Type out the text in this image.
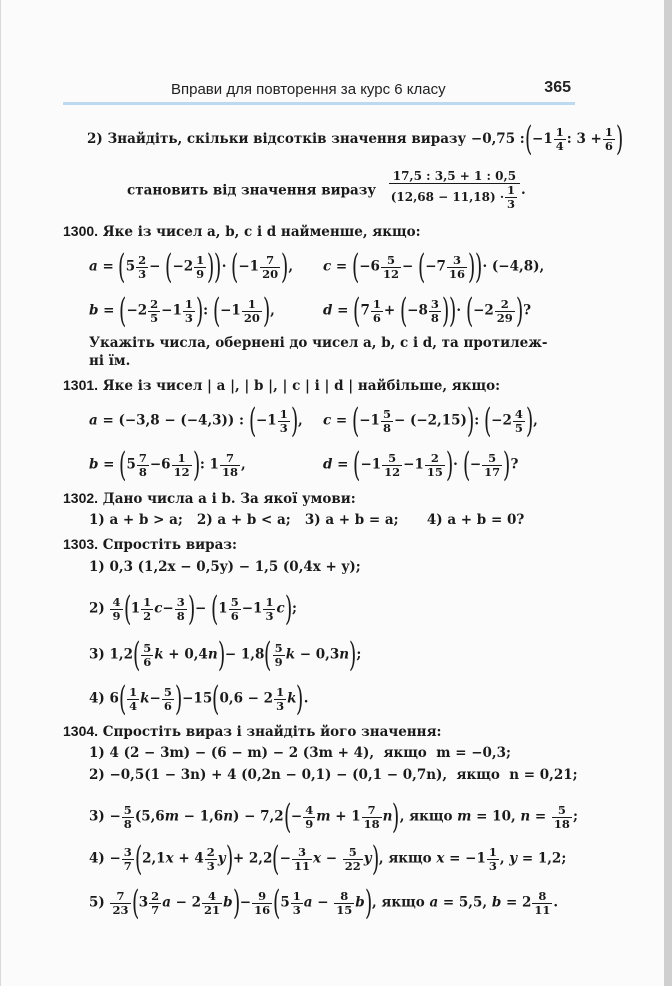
Вправи для повторення за курс 6 класу	365
2) Знайдіть, скільки відсотків значення виразу −0,75 :(−1 $\frac{1}{4}$ : $3 + \frac{1}{6}$ )
становить від значення виразу $\frac{17,5 : 3,5 + 1 : 0,5}{(12,68 - 11,18) \cdot \frac{1}{3}}$ .
1300. Яке із чисел a, b, c і d найменше, якщо:
$a = (5 \frac{2}{3} - (-2 \frac{1}{9}$ ))· ($-1 \frac{7}{20}$ ), $c = (-6 \frac{5}{12} - (-7 \frac{3}{16}$ ))· (−4,8),
$b = (-2 \frac{2}{5} -1 \frac{1}{3}$ ): ($-1 \frac{1}{20}$ ),	$d = (7 \frac{1}{6} + (-8 \frac{3}{8}$ ))· ($-2 \frac{2}{29}$ )?
Укажіть числа, обернені до чисел a, b, c і d, та протилеж-
ні їм.
1301. Яке із чисел | a |, | b |, | c | і | d | найбільше, якщо:
a = (−3,8 − (−4,3)) : ($-1 \frac{1}{3}$ ), $c = (-1 \frac{5}{8} - (-2,15))$: ($-2 \frac{4}{5}$ ),
$b = (5 \frac{7}{8} -6 \frac{1}{12}$ ): $1 \frac{7}{18}$ ,	$d = (-1 \frac{5}{12} -1 \frac{2}{15}$ )· (− $\frac{5}{17}$ )?
1302. Дано числа a і b. За якої умови:
1) a + b > a;   2) a + b < a;   3) a + b = a;      4) a + b = 0?
1303. Спростіть вираз:
1) 0,3 (1,2x − 0,5y) − 1,5 (0,4x + y);
$2) \frac{4}{9} (1 \frac{1}{2} c- \frac{3}{8}$ )− $(1 \frac{5}{6} -1 \frac{1}{3} c)$;
3) $1,2( \frac{5}{6}$ $k + 0,4n)- 1,8( \frac{5}{9}$ k − 0,3n);
4) $6( \frac{1}{4} k- \frac{5}{6} )-15(0,6 - 2 \frac{1}{3} k)$.
1304. Спростіть вираз і знайдіть його значення:
1) 4 (2 − 3m) − (6 − m) − 2 (3m + 4),  якщо  m = −0,3;
2) −0,5(1 − 3n) + 4 (0,2n − 0,1) − (0,1 − 0,7n),  якщо  n = 0,21;
$3) - \frac{5}{8} (5,6m - 1,6n) - 7,2(- \frac{4}{9}$ $m + 1 \frac{7}{18} n$), якщо m = 10, $n = \frac{5}{18}$ ;
$4) - \frac{3}{7} (2,1x + 4 \frac{2}{3} y)+ 2,2(- \frac{3}{11}$ $x - \frac{5}{22} y$), якщо $x = -1 \frac{1}{3}$ , y = 1,2;
$5) \frac{7}{23} (3 \frac{2}{7}$ $a - 2 \frac{4}{21} b)- \frac{9}{16} (5 \frac{1}{3}$ $a - \frac{8}{15} b$), якщо a = 5,5, $b = 2 \frac{8}{11}$ .
